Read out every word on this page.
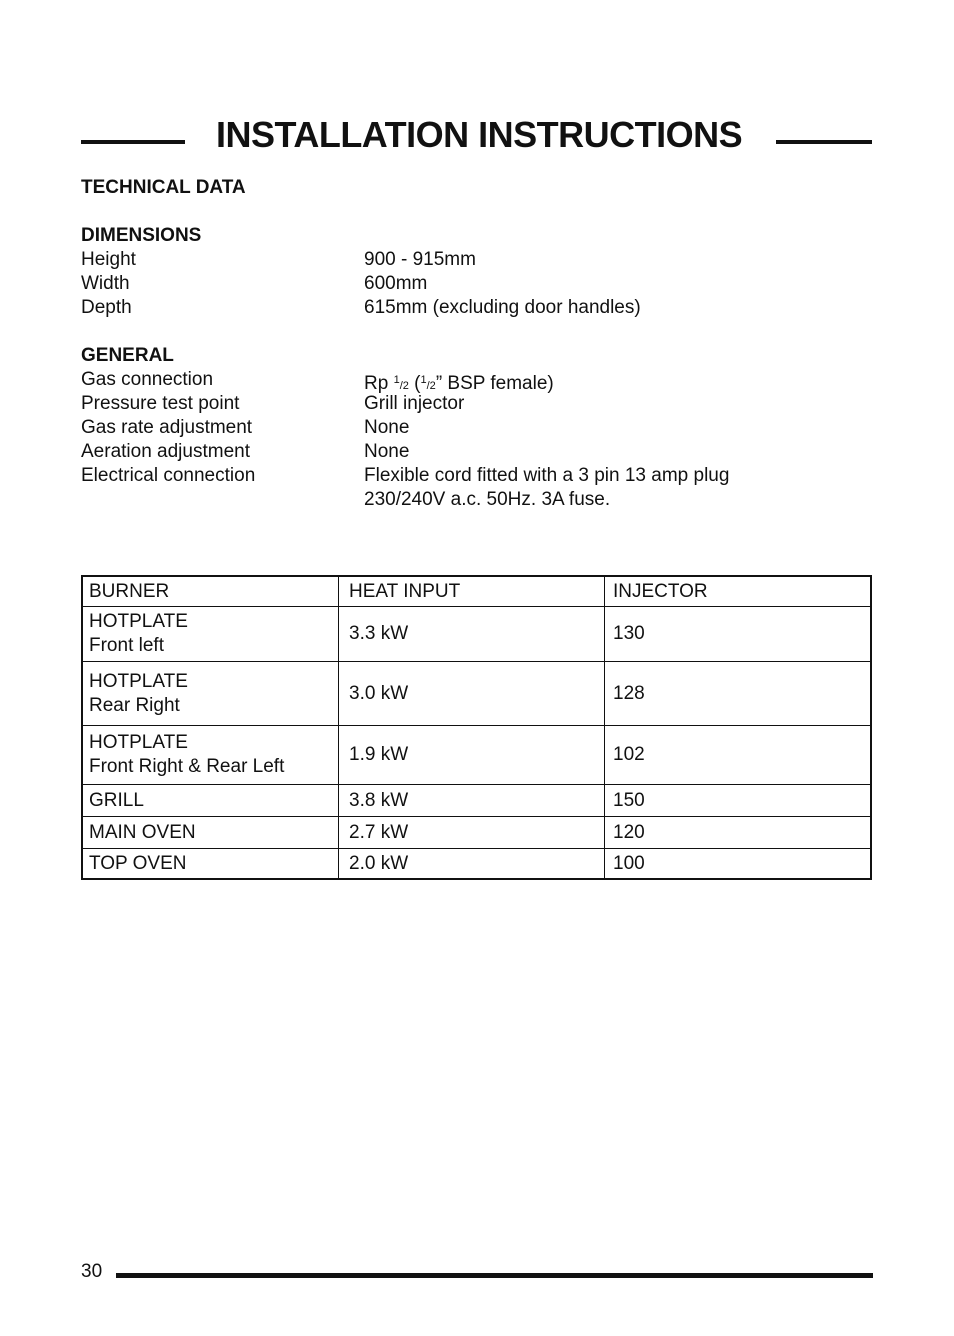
INSTALLATION INSTRUCTIONS
TECHNICAL DATA
DIMENSIONS
Height	900 - 915mm
Width	600mm
Depth	615mm (excluding door handles)
GENERAL
Gas connection	Rp $^1$/2 ($^1$/2” BSP female)
Pressure test point	Grill injector
Gas rate adjustment	None
Aeration adjustment	None
Electrical connection	Flexible cord fitted with a 3 pin 13 amp plug
230/240V a.c. 50Hz. 3A fuse.
BURNER	HEAT INPUT	INJECTOR

HOTPLATE
Front left	3.3 kW	130

HOTPLATE
Rear Right	3.0 kW	128

HOTPLATE
Front Right & Rear Left	1.9 kW	102
GRILL	3.8 kW	150
MAIN OVEN	2.7 kW	120
TOP OVEN	2.0 kW	100
30
